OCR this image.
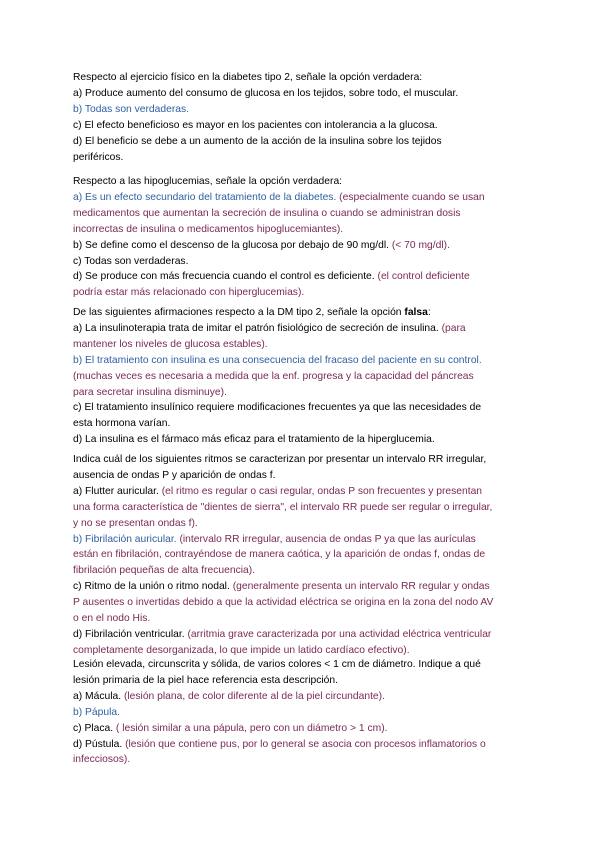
Respecto al ejercicio físico en la diabetes tipo 2, señale la opción verdadera:
a) Produce aumento del consumo de glucosa en los tejidos, sobre todo, el muscular.
b) Todas son verdaderas.
c) El efecto beneficioso es mayor en los pacientes con intolerancia a la glucosa.
d) El beneficio se debe a un aumento de la acción de la insulina sobre los tejidos
periféricos.
Respecto a las hipoglucemias, señale la opción verdadera:
a) Es un efecto secundario del tratamiento de la diabetes. (especialmente cuando se usan
medicamentos que aumentan la secreción de insulina o cuando se administran dosis
incorrectas de insulina o medicamentos hipoglucemiantes).
b) Se define como el descenso de la glucosa por debajo de 90 mg/dl. (< 70 mg/dl).
c) Todas son verdaderas.
d) Se produce con más frecuencia cuando el control es deficiente. (el control deficiente
podría estar más relacionado con hiperglucemias).
De las siguientes afirmaciones respecto a la DM tipo 2, señale la opción falsa:
a) La insulinoterapia trata de imitar el patrón fisiológico de secreción de insulina. (para
mantener los niveles de glucosa estables).
b) El tratamiento con insulina es una consecuencia del fracaso del paciente en su control.
(muchas veces es necesaria a medida que la enf. progresa y la capacidad del páncreas
para secretar insulina disminuye).
c) El tratamiento insulínico requiere modificaciones frecuentes ya que las necesidades de
esta hormona varían.
d) La insulina es el fármaco más eficaz para el tratamiento de la hiperglucemia.
Indica cuál de los siguientes ritmos se caracterizan por presentar un intervalo RR irregular,
ausencia de ondas P y aparición de ondas f.
a) Flutter auricular. (el ritmo es regular o casi regular, ondas P son frecuentes y presentan
una forma característica de "dientes de sierra", el intervalo RR puede ser regular o irregular,
y no se presentan ondas f).
b) Fibrilación auricular. (intervalo RR irregular, ausencia de ondas P ya que las aurículas
están en fibrilación, contrayéndose de manera caótica, y la aparición de ondas f, ondas de
fibrilación pequeñas de alta frecuencia).
c) Ritmo de la unión o ritmo nodal. (generalmente presenta un intervalo RR regular y ondas
P ausentes o invertidas debido a que la actividad eléctrica se origina en la zona del nodo AV
o en el nodo His.
d) Fibrilación ventricular. (arritmia grave caracterizada por una actividad eléctrica ventricular
completamente desorganizada, lo que impide un latido cardíaco efectivo).
Lesión elevada, circunscrita y sólida, de varios colores < 1 cm de diámetro. Indique a qué
lesión primaria de la piel hace referencia esta descripción.
a) Mácula. (lesión plana, de color diferente al de la piel circundante).
b) Pápula.
c) Placa. ( lesión similar a una pápula, pero con un diámetro > 1 cm).
d) Pústula. (lesión que contiene pus, por lo general se asocia con procesos inflamatorios o
infecciosos).
